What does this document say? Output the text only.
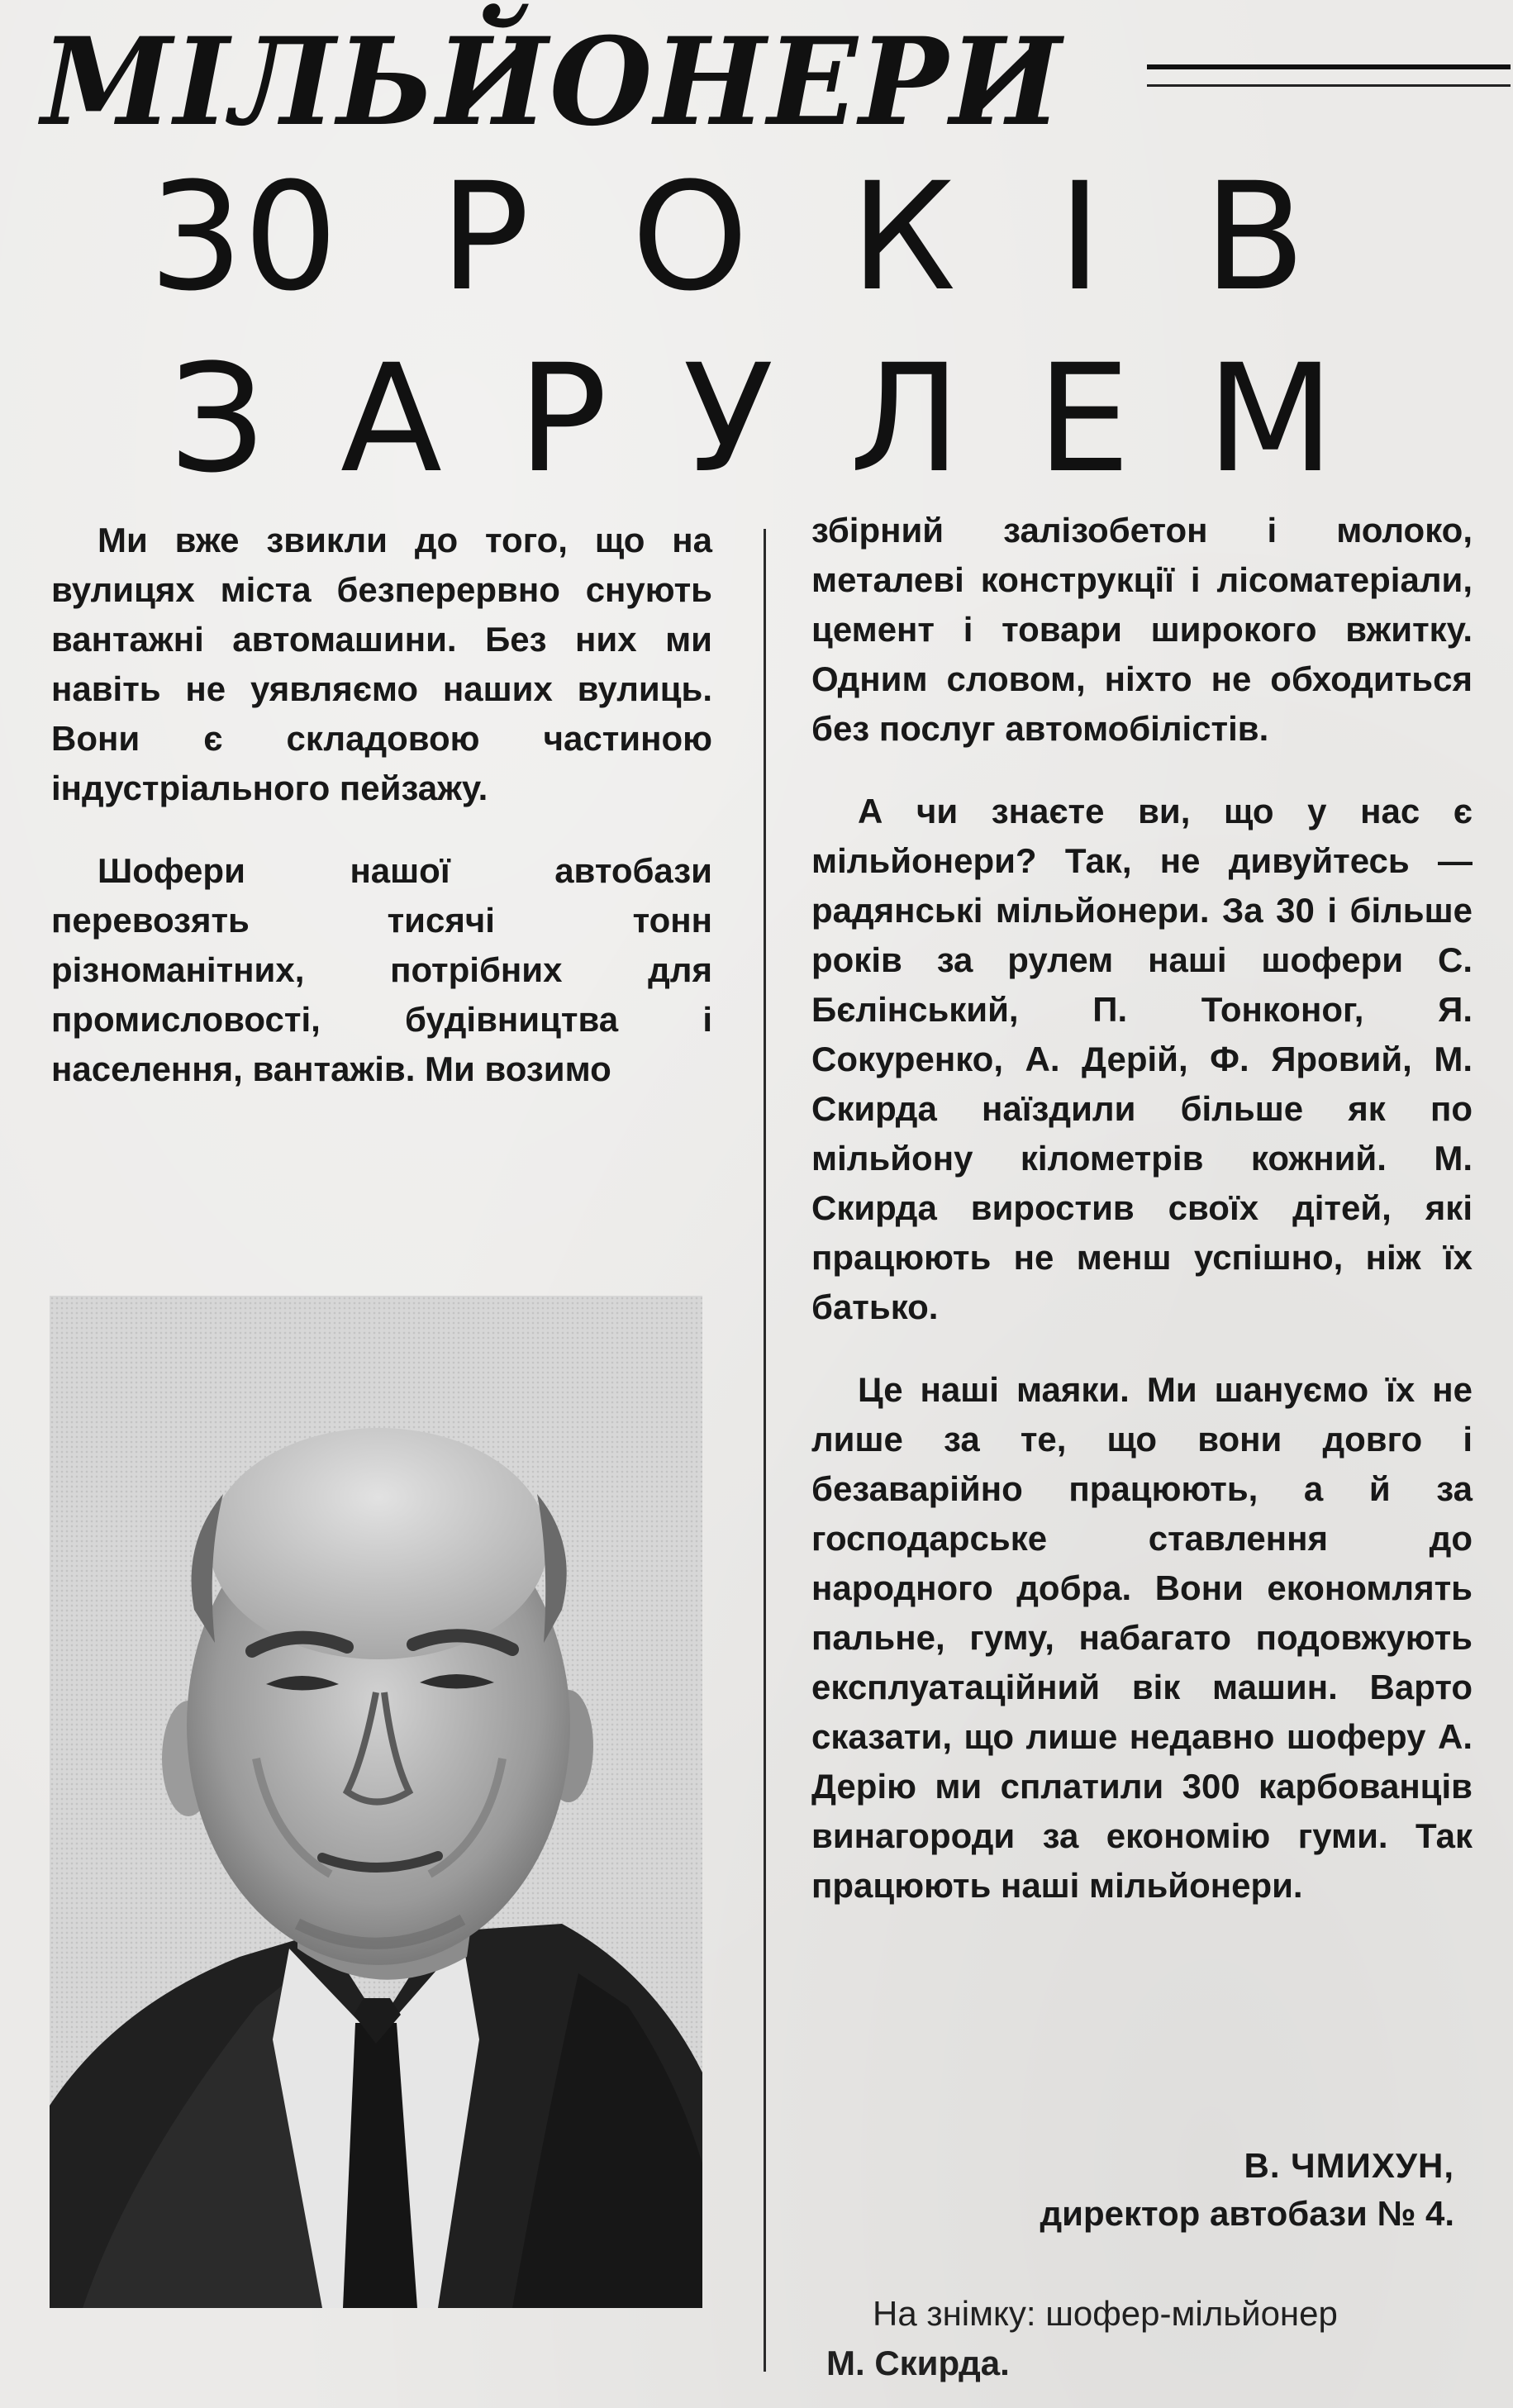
МІЛЬЙОНЕРИ
30 Р О К І В
З А Р У Л Е М

Ми вже звикли до того, що на вулицях міста безперервно снують вантажні автомашини. Без них ми навіть не уявляємо наших вулиць. Вони є складовою частиною індустріального пейзажу.

Шофери нашої автобази перевозять тисячі тонн різноманітних, потрібних для промисловості, будівництва і населення, вантажів. Ми возимо

збірний залізобетон і молоко, металеві конструкції і лісоматеріали, цемент і товари широкого вжитку. Одним словом, ніхто не обходиться без послуг автомобілістів.

А чи знаєте ви, що у нас є мільйонери? Так, не дивуйтесь — радянські мільйонери. За 30 і більше років за рулем наші шофери С. Бєлінський, П. Тонконог, Я. Сокуренко, А. Дерій, Ф. Яровий, М. Скирда наїздили більше як по мільйону кілометрів кожний. М. Скирда виростив своїх дітей, які працюють не менш успішно, ніж їх батько.

Це наші маяки. Ми шануємо їх не лише за те, що вони довго і безаварійно працюють, а й за господарське ставлення до народного добра. Вони економлять пальне, гуму, набагато подовжують експлуатаційний вік машин. Варто сказати, що лише недавно шоферу А. Дерію ми сплатили 300 карбованців винагороди за економію гуми. Так працюють наші мільйонери.

В. ЧМИХУН,
директор автобази № 4.
На знімку: шофер-мільйонер
М. Скирда.
